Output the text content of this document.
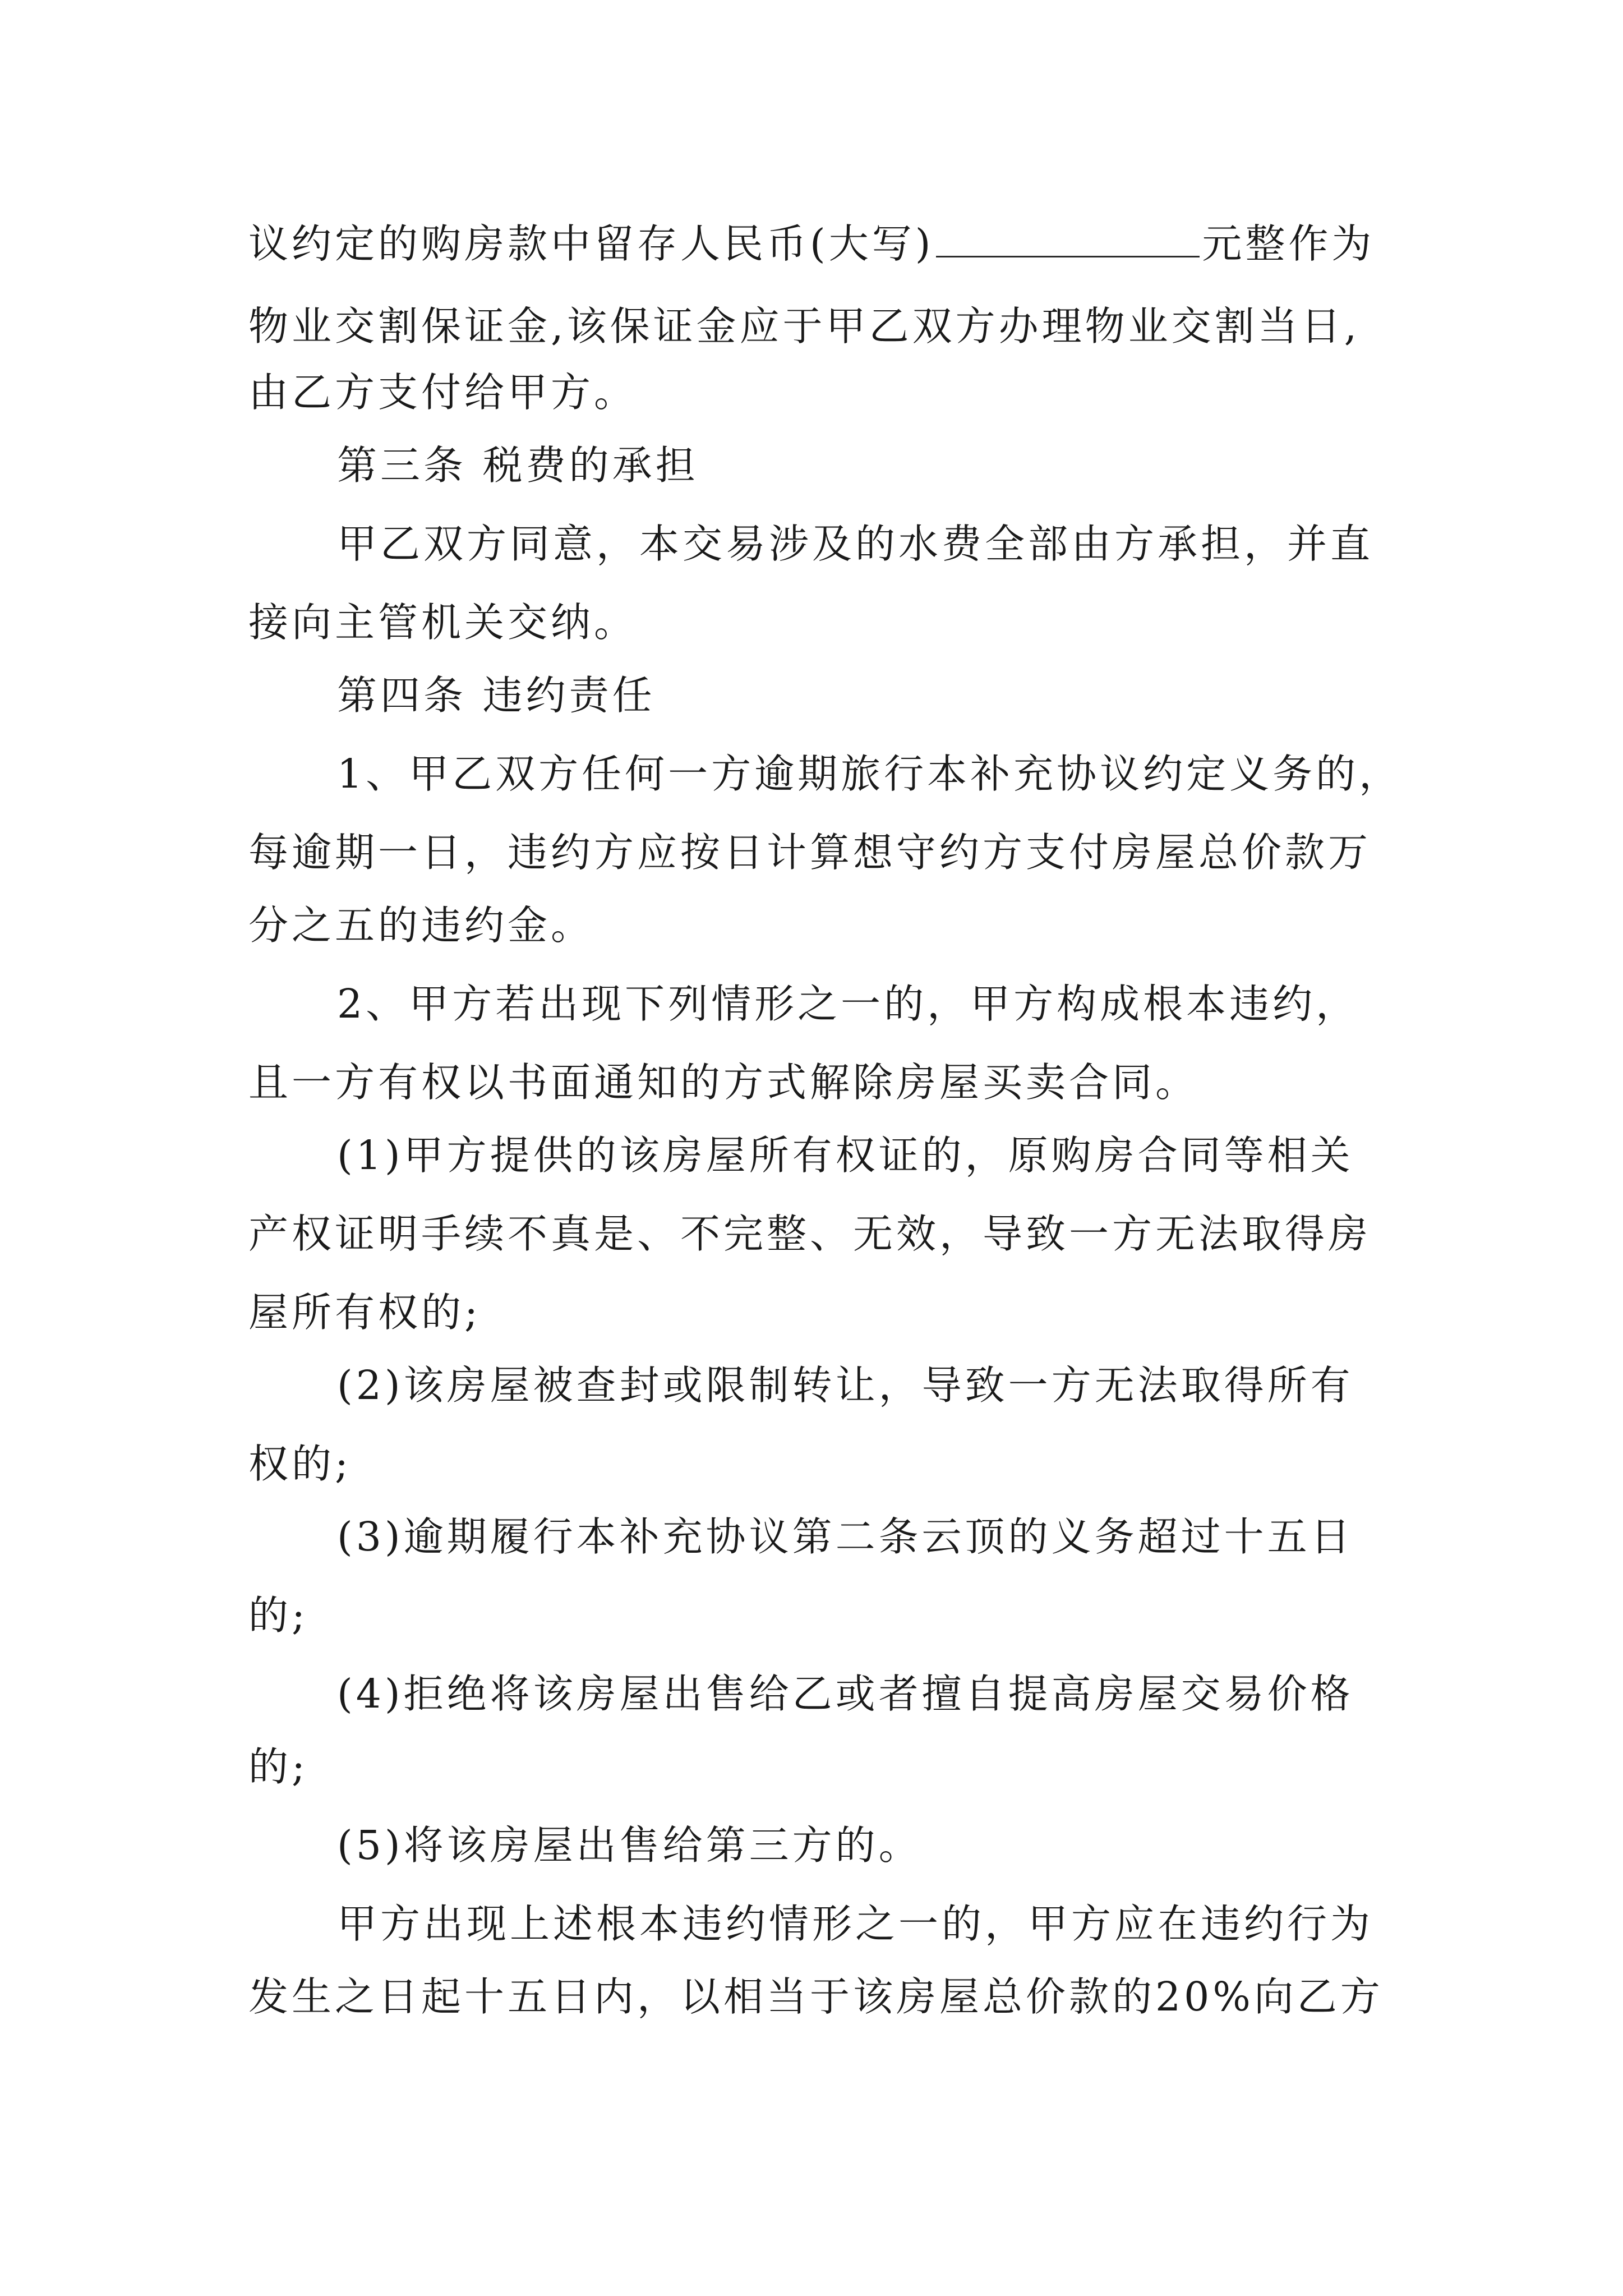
议约定的购房款中留存人民币(大写)	元整作为
物业交割保证金,该保证金应于甲乙双方办理物业交割当日,
由乙方支付给甲方。
第三条 税费的承担
甲乙双方同意，本交易涉及的水费全部由方承担，并直
接向主管机关交纳。
第四条 违约责任
1、甲乙双方任何一方逾期旅行本补充协议约定义务的，
每逾期一日，违约方应按日计算想守约方支付房屋总价款万
分之五的违约金。
2、甲方若出现下列情形之一的，甲方构成根本违约，
且一方有权以书面通知的方式解除房屋买卖合同。
(1)甲方提供的该房屋所有权证的，原购房合同等相关
产权证明手续不真是、不完整、无效，导致一方无法取得房
屋所有权的;
(2)该房屋被查封或限制转让，导致一方无法取得所有
权的;
(3)逾期履行本补充协议第二条云顶的义务超过十五日
的;
(4)拒绝将该房屋出售给乙或者擅自提高房屋交易价格
的;
(5)将该房屋出售给第三方的。
甲方出现上述根本违约情形之一的，甲方应在违约行为
发生之日起十五日内，以相当于该房屋总价款的20%向乙方
